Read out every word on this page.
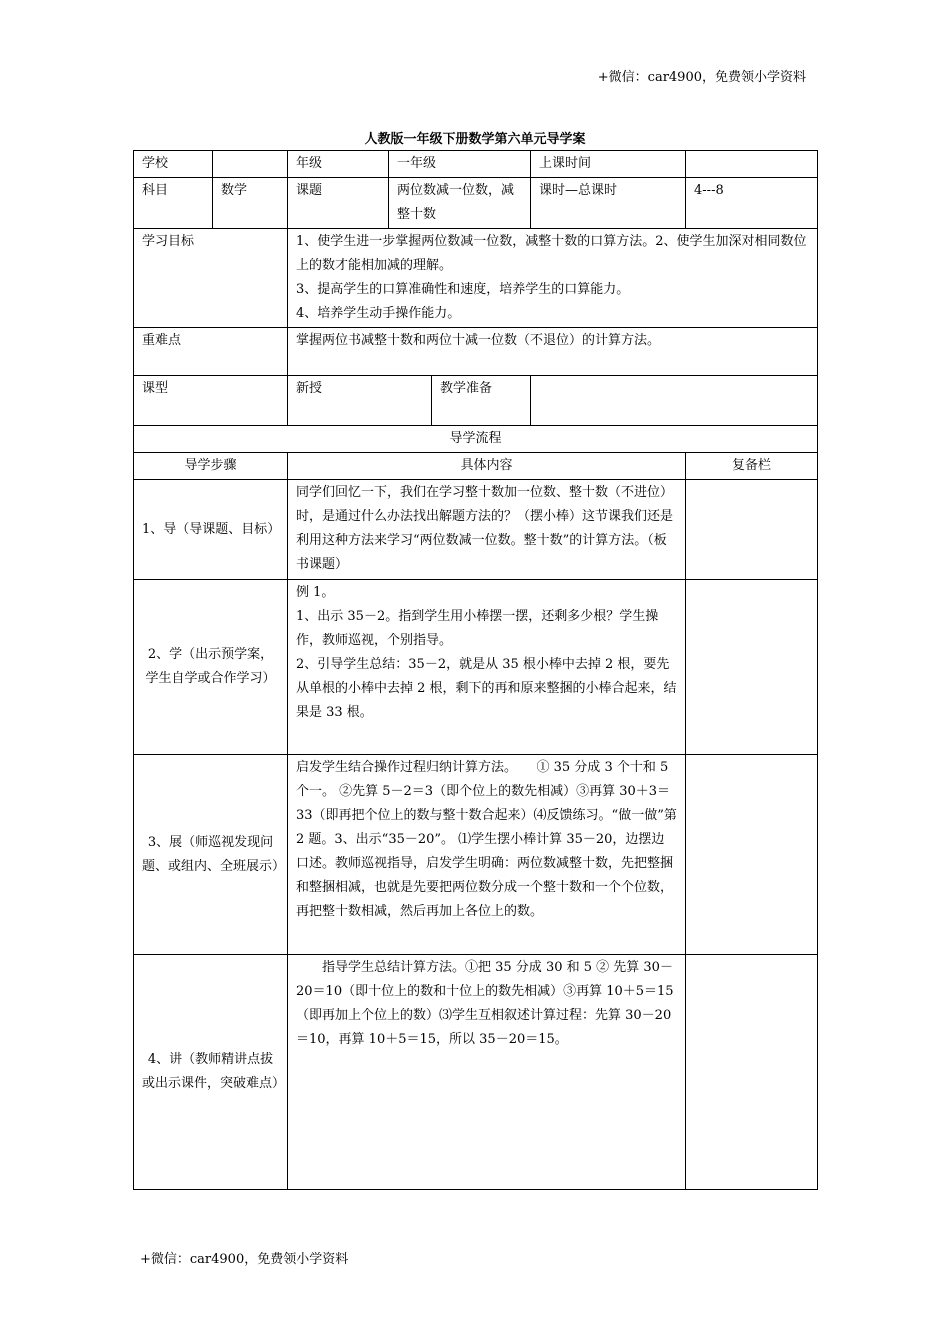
+微信：car4900，免费领小学资料
人教版一年级下册数学第六单元导学案
学校		年级	一年级		上课时间	
科目	数学	课题	两位数减一位数，减整十数		课时—总课时	4---8
学习目标		1、使学生进一步掌握两位数减一位数，减整十数的口算方法。2、使学生加深对相同数位上的数才能相加减的理解。
3、提高学生的口算准确性和速度，培养学生的口算能力。
4、培养学生动手操作能力。				

重难点		掌握两位书减整十数和两位十减一位数（不退位）的计算方法。				
课型		新授		教学准备		
导学流程						
导学步骤		具体内容				复备栏
1、导（导课题、目标）		同学们回忆一下，我们在学习整十数加一位数、整十数（不进位）时，是通过什么办法找出解题方法的？（摆小棒）这节课我们还是利用这种方法来学习“两位数减一位数。整十数”的计算方法。（板书课题）				

2、学（出示预学案，学生自学或合作学习）		例 1。
1、出示 35－2。指到学生用小棒摆一摆，还剩多少根？学生操作，教师巡视，个别指导。
2、引导学生总结：35－2，就是从 35 根小棒中去掉 2 根，要先从单根的小棒中去掉 2 根，剩下的再和原来整捆的小棒合起来，结果是 33 根。				

3、展（师巡视发现问题、或组内、全班展示）		启发学生结合操作过程归纳计算方法。　　① 35 分成 3 个十和 5 个一。 ②先算 5－2＝3（即个位上的数先相减）③再算 30＋3＝33（即再把个位上的数与整十数合起来）⑷反馈练习。“做一做”第 2 题。3、出示“35－20”。 ⑴学生摆小棒计算 35－20，边摆边口述。教师巡视指导，启发学生明确：两位数减整十数，先把整捆和整捆相减，也就是先要把两位数分成一个整十数和一个个位数，再把整十数相减，然后再加上各位上的数。				

4、讲（教师精讲点拔或出示课件，突破难点）		指导学生总结计算方法。①把 35 分成 30 和 5 ② 先算 30－20＝10（即十位上的数和十位上的数先相减）③再算 10＋5＝15（即再加上个位上的数）⑶学生互相叙述计算过程：先算 30－20＝10，再算 10＋5＝15，所以 35－20＝15。				

+微信：car4900，免费领小学资料
